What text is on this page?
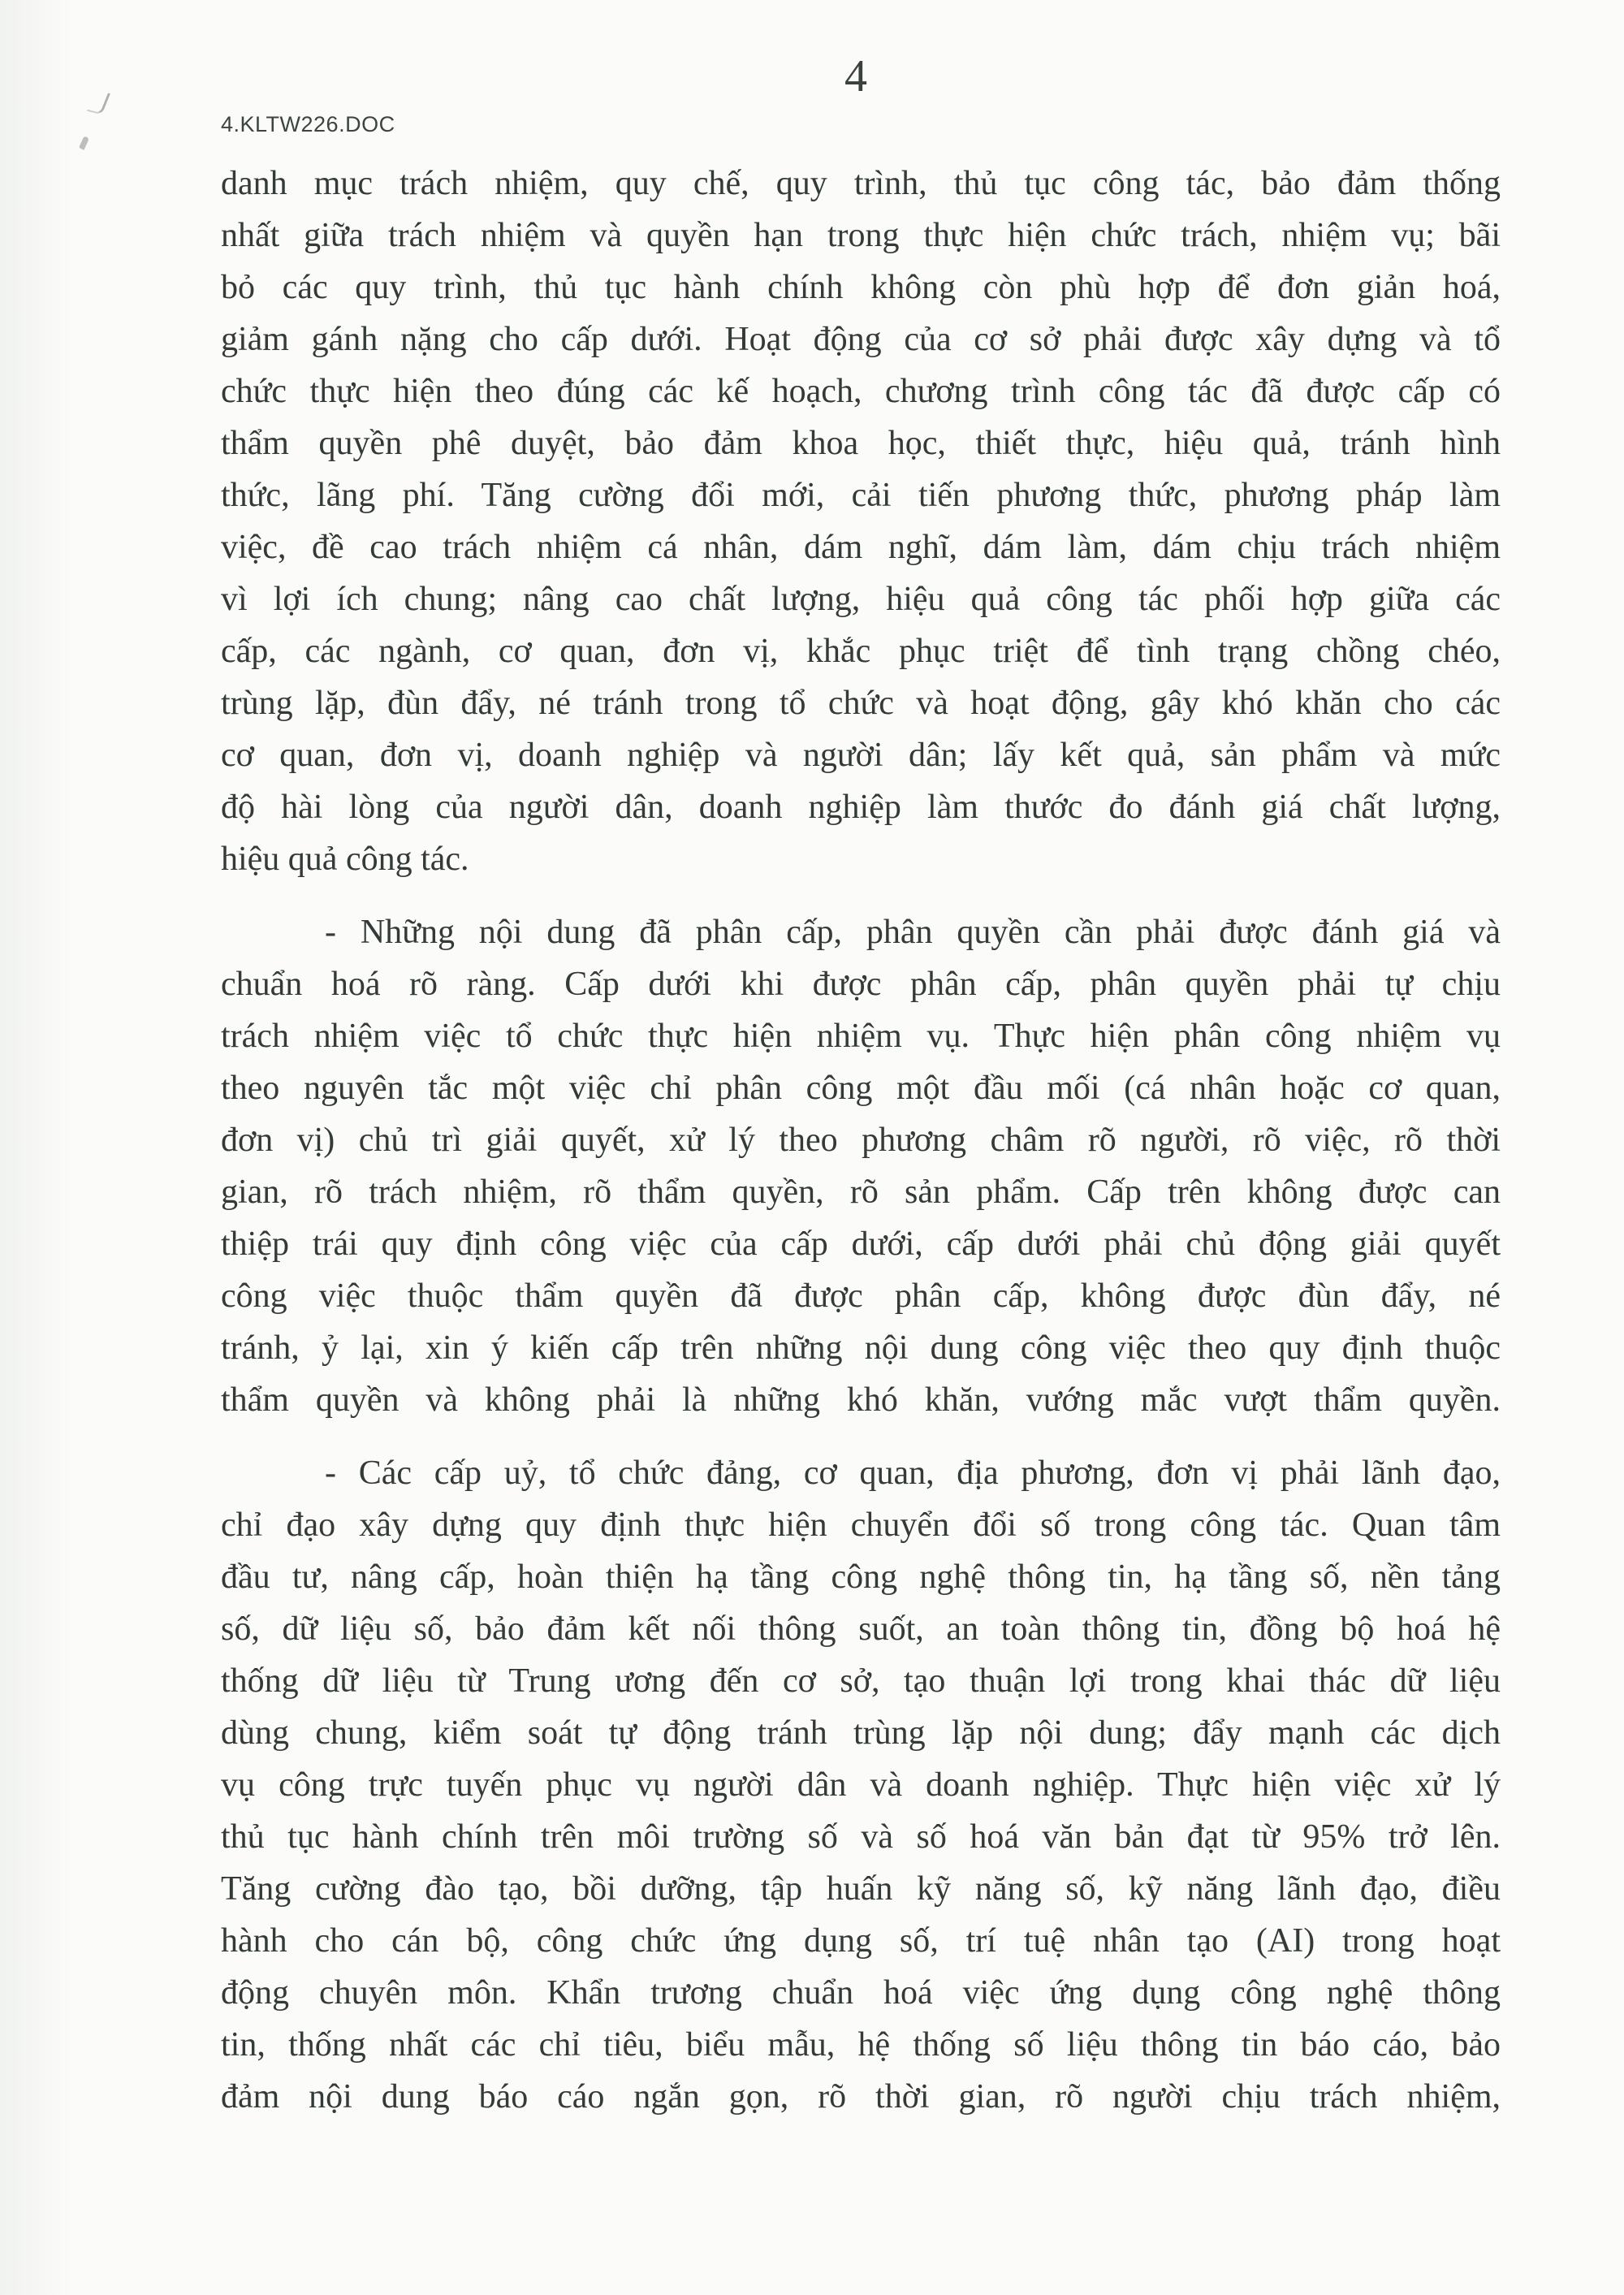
4.KLTW226.DOC
4
danh mục trách nhiệm, quy chế, quy trình, thủ tục công tác, bảo đảm thống
nhất giữa trách nhiệm và quyền hạn trong thực hiện chức trách, nhiệm vụ; bãi
bỏ các quy trình, thủ tục hành chính không còn phù hợp để đơn giản hoá,
giảm gánh nặng cho cấp dưới. Hoạt động của cơ sở phải được xây dựng và tổ
chức thực hiện theo đúng các kế hoạch, chương trình công tác đã được cấp có
thẩm quyền phê duyệt, bảo đảm khoa học, thiết thực, hiệu quả, tránh hình
thức, lãng phí. Tăng cường đổi mới, cải tiến phương thức, phương pháp làm
việc, đề cao trách nhiệm cá nhân, dám nghĩ, dám làm, dám chịu trách nhiệm
vì lợi ích chung; nâng cao chất lượng, hiệu quả công tác phối hợp giữa các
cấp, các ngành, cơ quan, đơn vị, khắc phục triệt để tình trạng chồng chéo,
trùng lặp, đùn đẩy, né tránh trong tổ chức và hoạt động, gây khó khăn cho các
cơ quan, đơn vị, doanh nghiệp và người dân; lấy kết quả, sản phẩm và mức
độ hài lòng của người dân, doanh nghiệp làm thước đo đánh giá chất lượng,
hiệu quả công tác.
- Những nội dung đã phân cấp, phân quyền cần phải được đánh giá và
chuẩn hoá rõ ràng. Cấp dưới khi được phân cấp, phân quyền phải tự chịu
trách nhiệm việc tổ chức thực hiện nhiệm vụ. Thực hiện phân công nhiệm vụ
theo nguyên tắc một việc chỉ phân công một đầu mối (cá nhân hoặc cơ quan,
đơn vị) chủ trì giải quyết, xử lý theo phương châm rõ người, rõ việc, rõ thời
gian, rõ trách nhiệm, rõ thẩm quyền, rõ sản phẩm. Cấp trên không được can
thiệp trái quy định công việc của cấp dưới, cấp dưới phải chủ động giải quyết
công việc thuộc thẩm quyền đã được phân cấp, không được đùn đẩy, né
tránh, ỷ lại, xin ý kiến cấp trên những nội dung công việc theo quy định thuộc
thẩm quyền và không phải là những khó khăn, vướng mắc vượt thẩm quyền.
- Các cấp uỷ, tổ chức đảng, cơ quan, địa phương, đơn vị phải lãnh đạo,
chỉ đạo xây dựng quy định thực hiện chuyển đổi số trong công tác. Quan tâm
đầu tư, nâng cấp, hoàn thiện hạ tầng công nghệ thông tin, hạ tầng số, nền tảng
số, dữ liệu số, bảo đảm kết nối thông suốt, an toàn thông tin, đồng bộ hoá hệ
thống dữ liệu từ Trung ương đến cơ sở, tạo thuận lợi trong khai thác dữ liệu
dùng chung, kiểm soát tự động tránh trùng lặp nội dung; đẩy mạnh các dịch
vụ công trực tuyến phục vụ người dân và doanh nghiệp. Thực hiện việc xử lý
thủ tục hành chính trên môi trường số và số hoá văn bản đạt từ 95% trở lên.
Tăng cường đào tạo, bồi dưỡng, tập huấn kỹ năng số, kỹ năng lãnh đạo, điều
hành cho cán bộ, công chức ứng dụng số, trí tuệ nhân tạo (AI) trong hoạt
động chuyên môn. Khẩn trương chuẩn hoá việc ứng dụng công nghệ thông
tin, thống nhất các chỉ tiêu, biểu mẫu, hệ thống số liệu thông tin báo cáo, bảo
đảm nội dung báo cáo ngắn gọn, rõ thời gian, rõ người chịu trách nhiệm,
